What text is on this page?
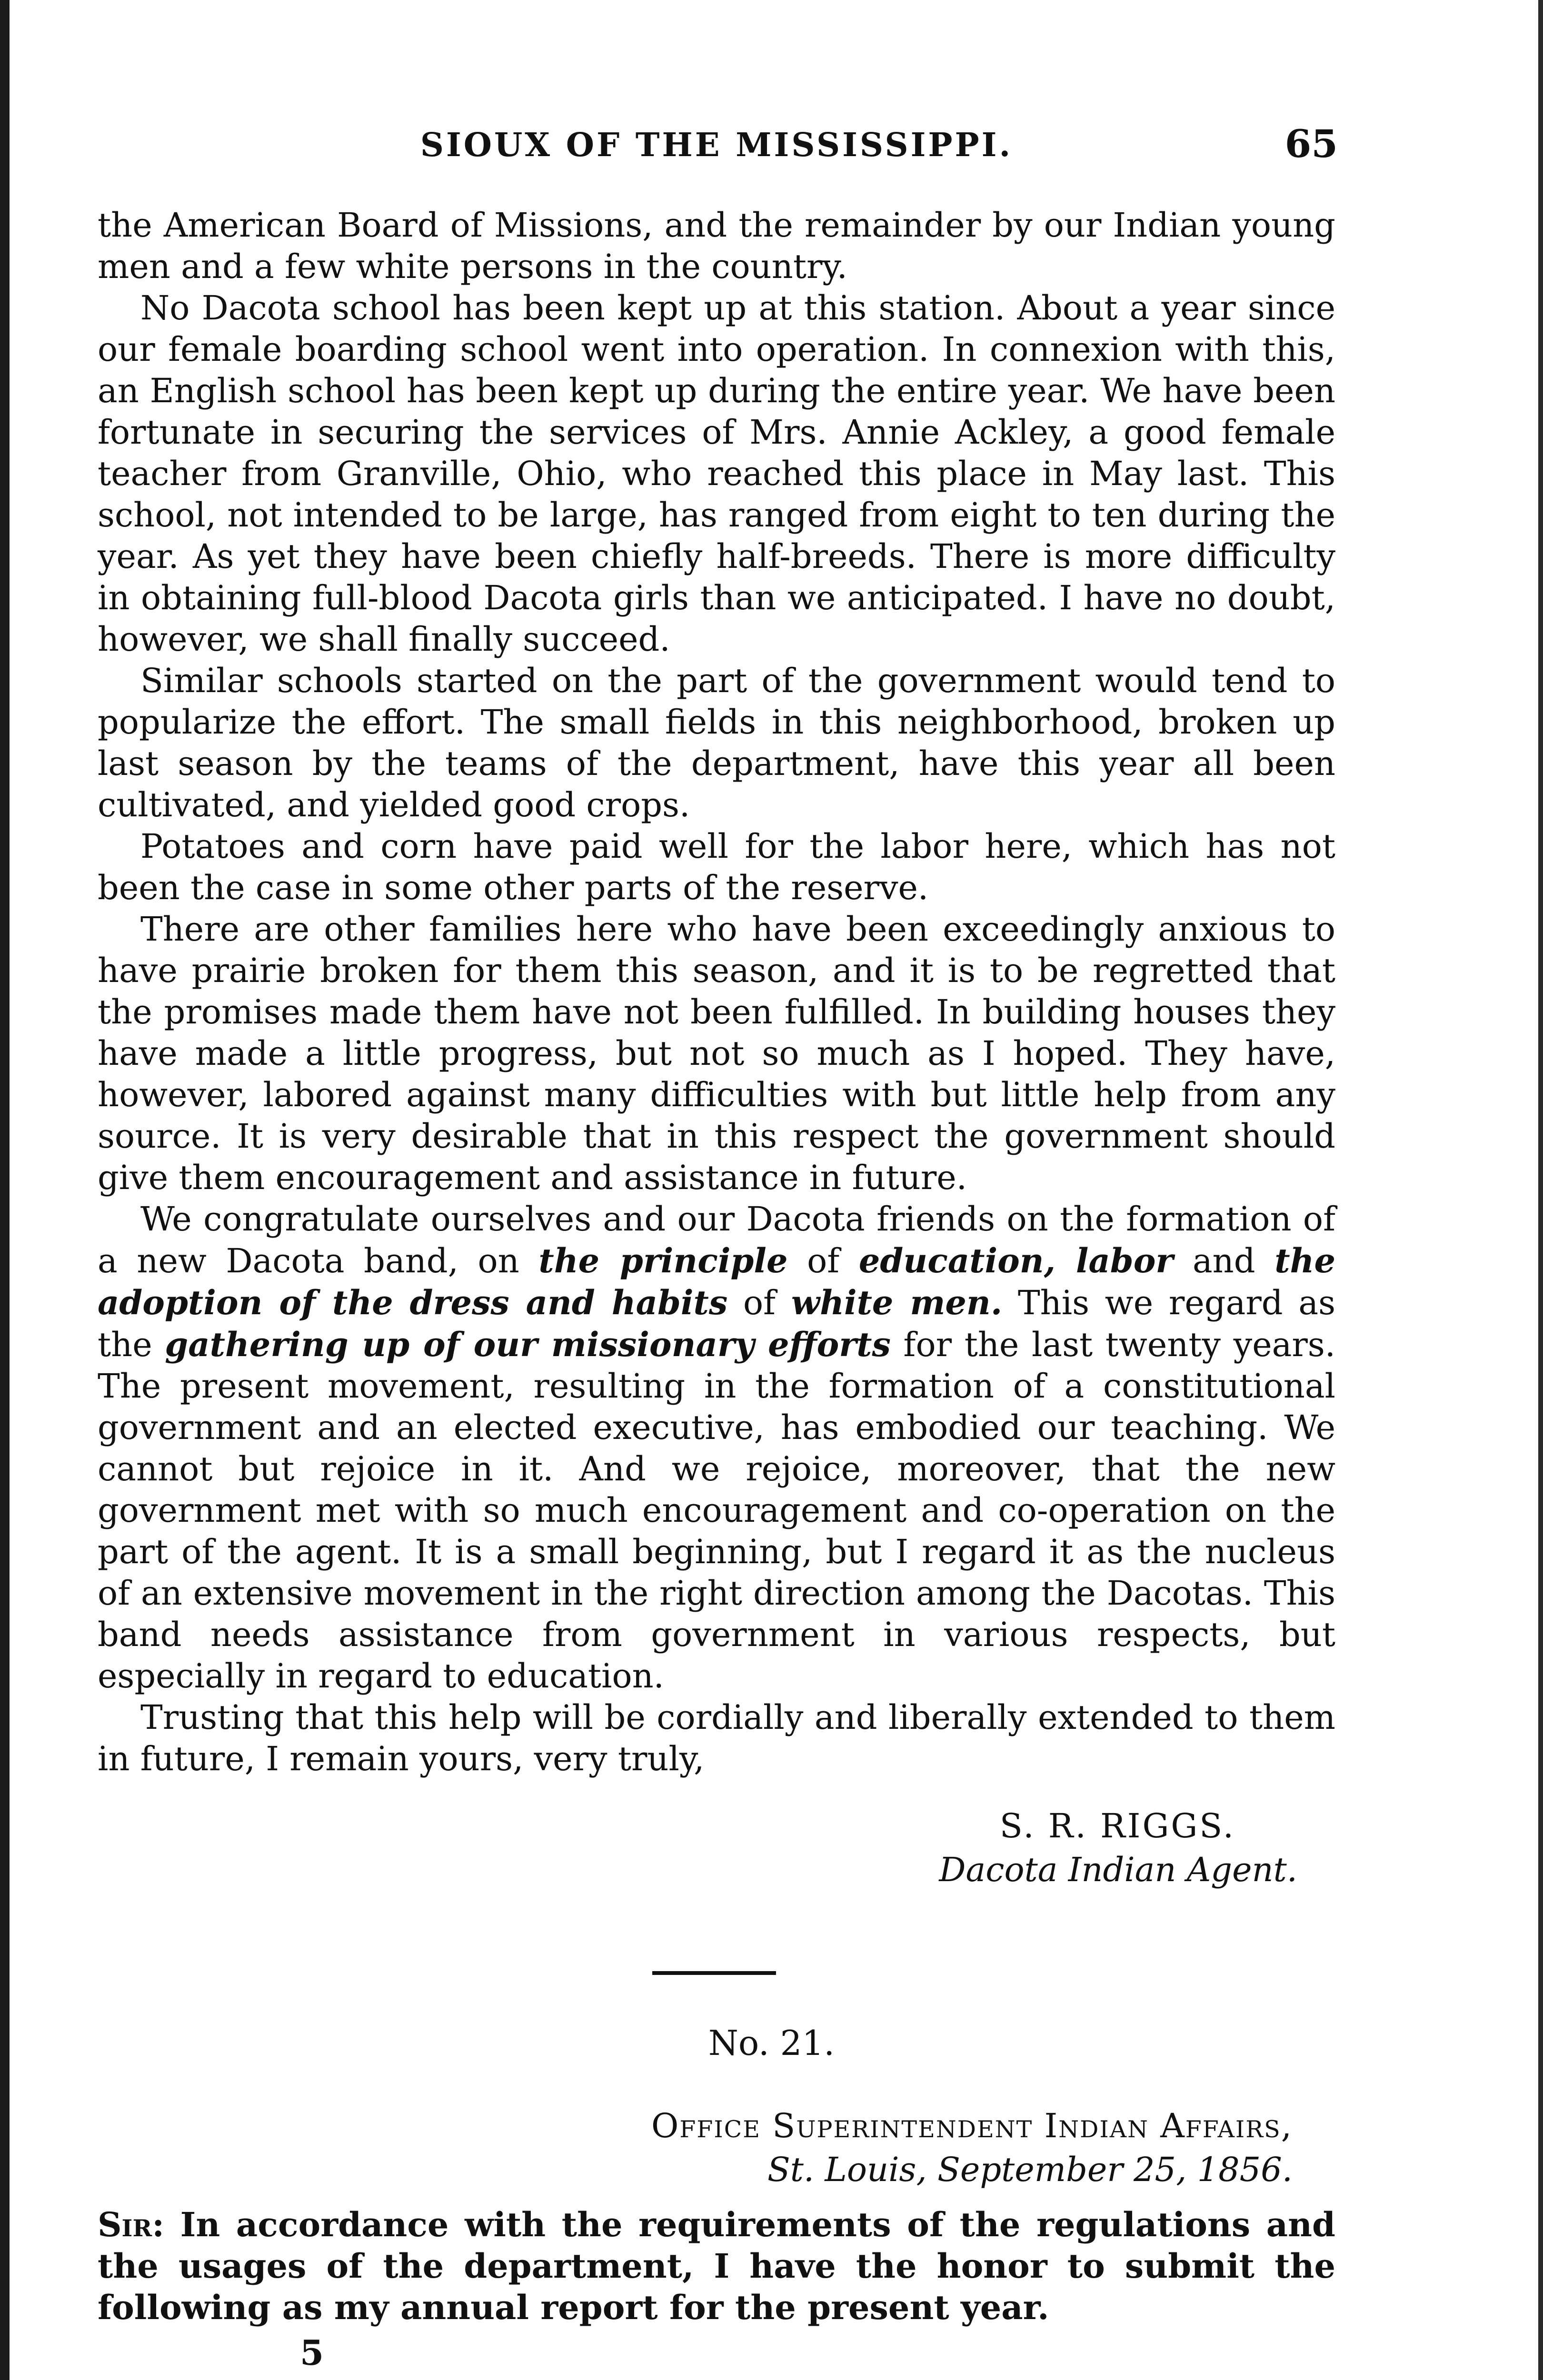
SIOUX OF THE MISSISSIPPI.	65

the American Board of Missions, and the remainder by our Indian young men and a few white persons in the country.

No Dacota school has been kept up at this station. About a year since our female boarding school went into operation. In connexion with this, an English school has been kept up during the entire year. We have been fortunate in securing the services of Mrs. Annie Ackley, a good female teacher from Granville, Ohio, who reached this place in May last. This school, not intended to be large, has ranged from eight to ten during the year. As yet they have been chiefly half-breeds. There is more difficulty in obtaining full-blood Dacota girls than we anticipated. I have no doubt, however, we shall finally succeed.

Similar schools started on the part of the government would tend to popularize the effort. The small fields in this neighborhood, broken up last season by the teams of the department, have this year all been cultivated, and yielded good crops.

Potatoes and corn have paid well for the labor here, which has not been the case in some other parts of the reserve.

There are other families here who have been exceedingly anxious to have prairie broken for them this season, and it is to be regretted that the promises made them have not been fulfilled. In building houses they have made a little progress, but not so much as I hoped. They have, however, labored against many difficulties with but little help from any source. It is very desirable that in this respect the government should give them encouragement and assistance in future.

We congratulate ourselves and our Dacota friends on the formation of a new Dacota band, on the principle of education, labor and the adoption of the dress and habits of white men. This we regard as the gathering up of our missionary efforts for the last twenty years. The present movement, resulting in the formation of a constitutional government and an elected executive, has embodied our teaching. We cannot but rejoice in it. And we rejoice, moreover, that the new government met with so much encouragement and co-operation on the part of the agent. It is a small beginning, but I regard it as the nucleus of an extensive movement in the right direction among the Dacotas. This band needs assistance from government in various respects, but especially in regard to education.

Trusting that this help will be cordially and liberally extended to them in future, I remain yours, very truly,

S. R. RIGGS.
Dacota Indian Agent.
No. 21.
Office Superintendent Indian Affairs,
St. Louis, September 25, 1856.
Sir: In accordance with the requirements of the regulations and the usages of the department, I have the honor to submit the following as my annual report for the present year.
5
